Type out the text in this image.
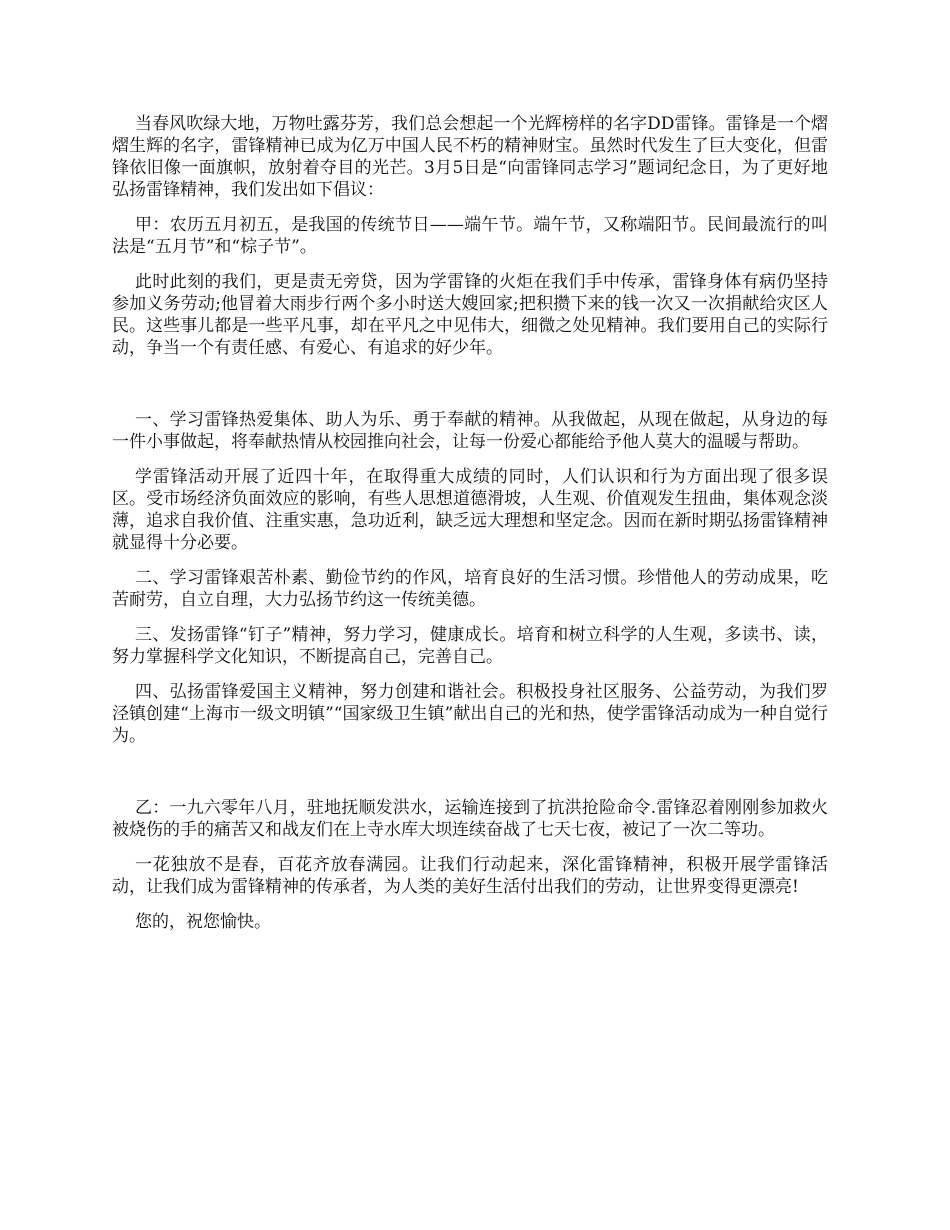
当春风吹绿大地，万物吐露芬芳，我们总会想起一个光辉榜样的名字DD雷锋。雷锋是一个熠熠生辉的名字，雷锋精神已成为亿万中国人民不朽的精神财宝。虽然时代发生了巨大变化，但雷锋依旧像一面旗帜，放射着夺目的光芒。3月5日是“向雷锋同志学习”题词纪念日，为了更好地弘扬雷锋精神，我们发出如下倡议：

甲：农历五月初五，是我国的传统节日——端午节。端午节，又称端阳节。民间最流行的叫法是“五月节”和“棕子节”。

此时此刻的我们，更是责无旁贷，因为学雷锋的火炬在我们手中传承，雷锋身体有病仍坚持参加义务劳动;他冒着大雨步行两个多小时送大嫂回家;把积攒下来的钱一次又一次捐献给灾区人民。这些事儿都是一些平凡事，却在平凡之中见伟大，细微之处见精神。我们要用自己的实际行动，争当一个有责任感、有爱心、有追求的好少年。

一、学习雷锋热爱集体、助人为乐、勇于奉献的精神。从我做起，从现在做起，从身边的每一件小事做起，将奉献热情从校园推向社会，让每一份爱心都能给予他人莫大的温暖与帮助。

学雷锋活动开展了近四十年，在取得重大成绩的同时，人们认识和行为方面出现了很多误区。受市场经济负面效应的影响，有些人思想道德滑坡，人生观、价值观发生扭曲，集体观念淡薄，追求自我价值、注重实惠，急功近利，缺乏远大理想和坚定念。因而在新时期弘扬雷锋精神就显得十分必要。

二、学习雷锋艰苦朴素、勤俭节约的作风，培育良好的生活习惯。珍惜他人的劳动成果，吃苦耐劳，自立自理，大力弘扬节约这一传统美德。

三、发扬雷锋“钉子”精神，努力学习，健康成长。培育和树立科学的人生观，多读书、读，努力掌握科学文化知识，不断提高自己，完善自己。

四、弘扬雷锋爱国主义精神，努力创建和谐社会。积极投身社区服务、公益劳动，为我们罗泾镇创建“上海市一级文明镇”“国家级卫生镇”献出自己的光和热，使学雷锋活动成为一种自觉行为。

乙：一九六零年八月，驻地抚顺发洪水，运输连接到了抗洪抢险命令.雷锋忍着刚刚参加救火被烧伤的手的痛苦又和战友们在上寺水库大坝连续奋战了七天七夜，被记了一次二等功。

一花独放不是春，百花齐放春满园。让我们行动起来，深化雷锋精神，积极开展学雷锋活动，让我们成为雷锋精神的传承者，为人类的美好生活付出我们的劳动，让世界变得更漂亮!

您的，祝您愉快。
